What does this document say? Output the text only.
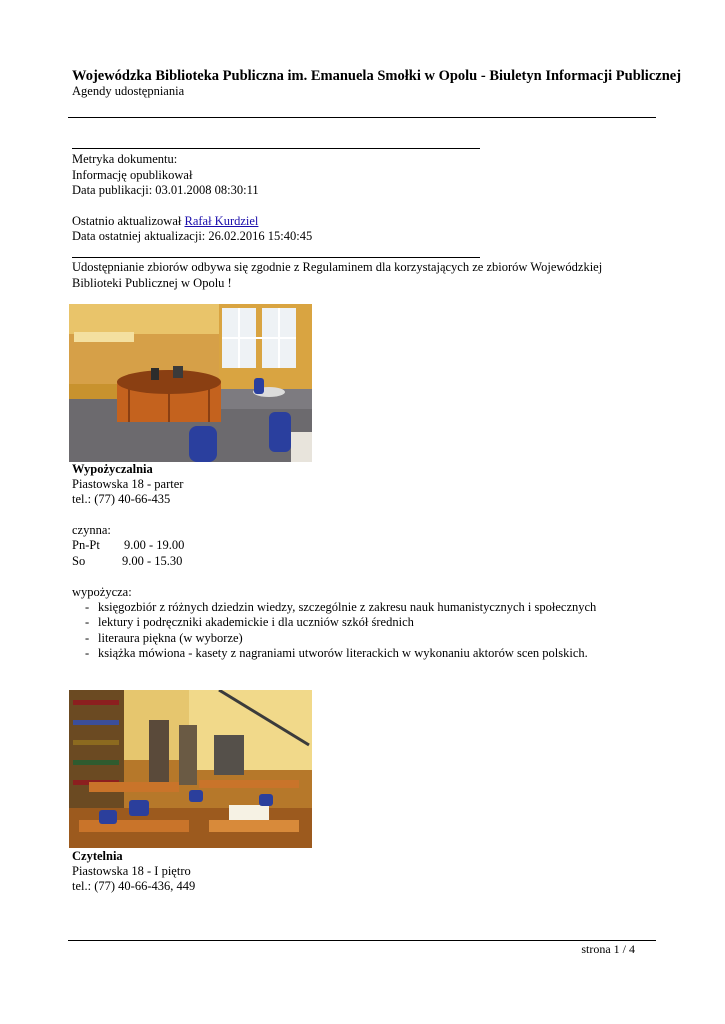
Wojewódzka Biblioteka Publiczna im. Emanuela Smołki w Opolu - Biuletyn Informacji Publicznej
Agendy udostępniania
Metryka dokumentu:
Informację opublikował
Data publikacji: 03.01.2008 08:30:11
Ostatnio aktualizował Rafał Kurdziel
Data ostatniej aktualizacji: 26.02.2016 15:40:45
Udostępnianie zbiorów odbywa się zgodnie z Regulaminem dla korzystających ze zbiorów Wojewódzkiej Biblioteki Publicznej w Opolu !
Wypożyczalnia
Piastowska 18 - parter
tel.: (77) 40-66-435
czynna:
Pn-Pt 9.00 - 19.00
So	9.00 - 15.30
wypożycza:
- księgozbiór z różnych dziedzin wiedzy, szczególnie z zakresu nauk humanistycznych i społecznych
- lektury i podręczniki akademickie i dla uczniów szkół średnich
- literaura piękna (w wyborze)
- książka mówiona - kasety z nagraniami utworów literackich w wykonaniu aktorów scen polskich.
Czytelnia
Piastowska 18 - I piętro
tel.: (77) 40-66-436, 449
strona 1 / 4
